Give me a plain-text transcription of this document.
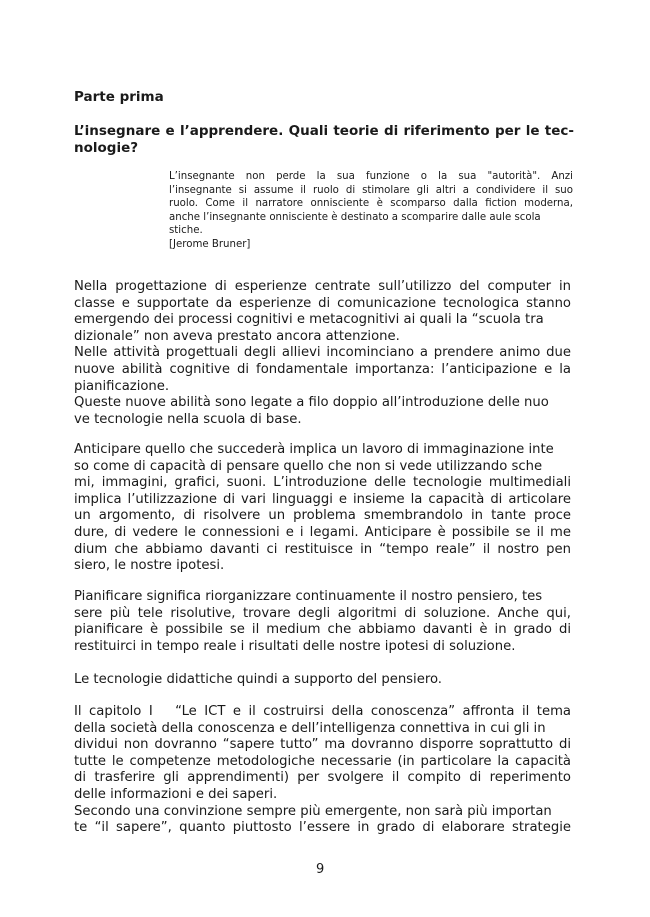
Parte prima
L’insegnare e l’apprendere. Quali teorie di riferimento per le tec-
nologie?
L’insegnante non perde la sua funzione o la sua "autorità". Anzi
l’insegnante si assume il ruolo di stimolare gli altri a condividere il suo
ruolo. Come il narratore onnisciente è scomparso dalla fiction moderna,
anche l’insegnante onnisciente è destinato a scomparire dalle aule scola
stiche.
[Jerome Bruner]
Nella progettazione di esperienze centrate sull’utilizzo del computer in
classe e supportate da esperienze di comunicazione tecnologica stanno
emergendo dei processi cognitivi e metacognitivi ai quali la “scuola tra
dizionale” non aveva prestato ancora attenzione.
Nelle attività progettuali degli allievi incominciano a prendere animo due
nuove abilità cognitive di fondamentale importanza: l’anticipazione e la
pianificazione.
Queste nuove abilità sono legate a filo doppio all’introduzione delle nuo
ve tecnologie nella scuola di base.
Anticipare quello che succederà implica un lavoro di immaginazione inte
so come di capacità di pensare quello che non si vede utilizzando sche
mi, immagini, grafici, suoni. L’introduzione delle tecnologie multimediali
implica l’utilizzazione di vari linguaggi e insieme la capacità di articolare
un argomento, di risolvere un problema smembrandolo in tante proce
dure, di vedere le connessioni e i legami. Anticipare è possibile se il me
dium che abbiamo davanti ci restituisce in “tempo reale” il nostro pen
siero, le nostre ipotesi.
Pianificare significa riorganizzare continuamente il nostro pensiero, tes
sere più tele risolutive, trovare degli algoritmi di soluzione. Anche qui,
pianificare è possibile se il medium che abbiamo davanti è in grado di
restituirci in tempo reale i risultati delle nostre ipotesi di soluzione.
Le tecnologie didattiche quindi a supporto del pensiero.
Il capitolo I   “Le ICT e il costruirsi della conoscenza” affronta il tema
della società della conoscenza e dell’intelligenza connettiva in cui gli in
dividui non dovranno “sapere tutto” ma dovranno disporre soprattutto di
tutte le competenze metodologiche necessarie (in particolare la capacità
di trasferire gli apprendimenti) per svolgere il compito di reperimento
delle informazioni e dei saperi.
Secondo una convinzione sempre più emergente, non sarà più importan
te “il sapere”, quanto piuttosto l’essere in grado di elaborare strategie
9
